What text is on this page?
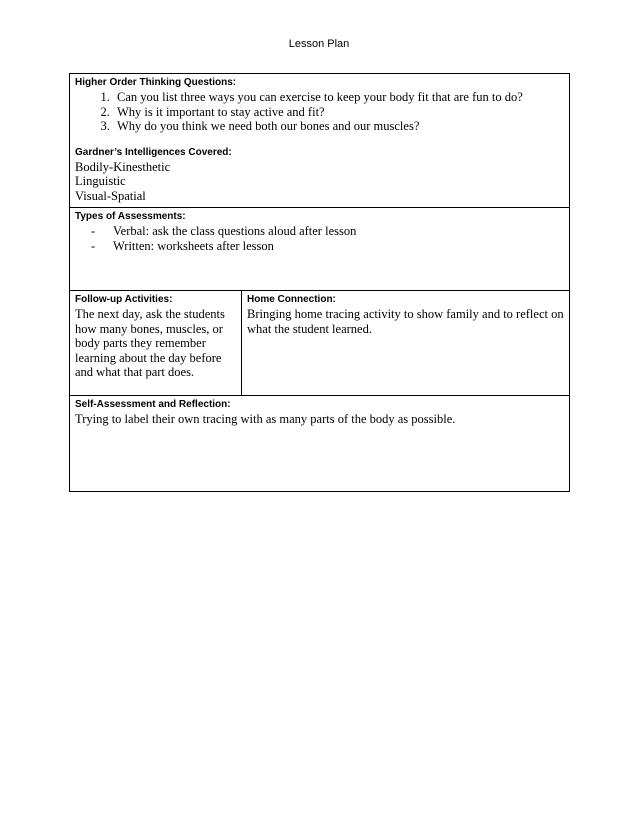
Lesson Plan
Higher Order Thinking Questions:
1. Can you list three ways you can exercise to keep your body fit that are fun to do?
2. Why is it important to stay active and fit?
3. Why do you think we need both our bones and our muscles?
Gardner’s Intelligences Covered:
Bodily-Kinesthetic
Linguistic
Visual-Spatial

Types of Assessments:
- Verbal: ask the class questions aloud after lesson
- Written: worksheets after lesson

Follow-up Activities:
The next day, ask the students how many bones, muscles, or body parts they remember learning about the day before and what that part does.

Home Connection:
Bringing home tracing activity to show family and to reflect on what the student learned.

Self-Assessment and Reflection:
Trying to label their own tracing with as many parts of the body as possible.
